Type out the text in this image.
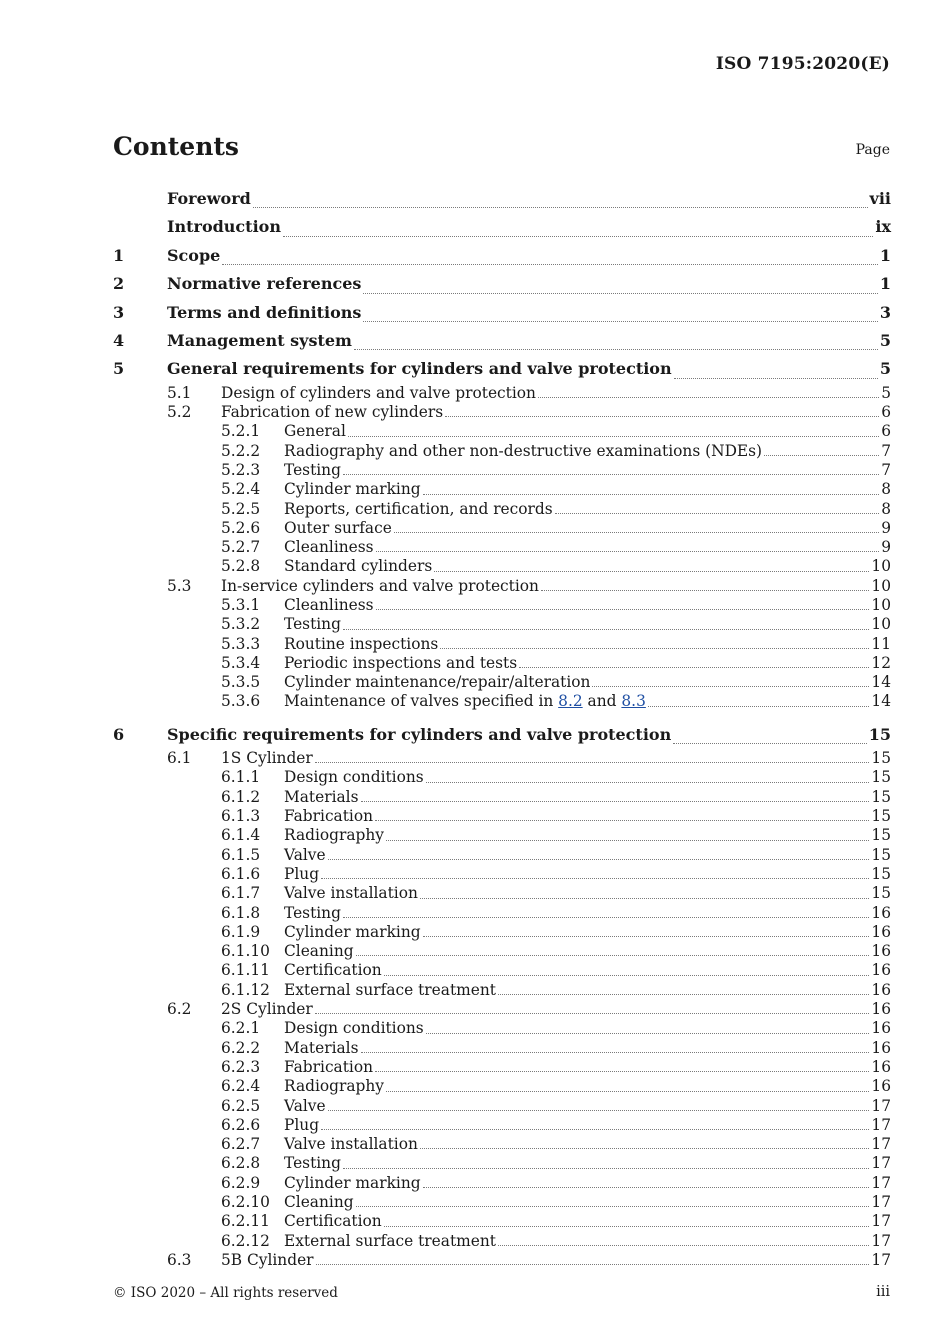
ISO 7195:2020(E)
Contents	Page
Foreword	vii
Introduction	ix
1	Scope	1
2	Normative references	1
3	Terms and definitions	3
4	Management system	5
5	General requirements for cylinders and valve protection	5
5.1	Design of cylinders and valve protection	5
5.2	Fabrication of new cylinders	6
5.2.1	General	6
5.2.2	Radiography and other non-destructive examinations (NDEs)	7
5.2.3	Testing	7
5.2.4	Cylinder marking	8
5.2.5	Reports, certification, and records	8
5.2.6	Outer surface	9
5.2.7	Cleanliness	9
5.2.8	Standard cylinders	10
5.3	In-service cylinders and valve protection	10
5.3.1	Cleanliness	10
5.3.2	Testing	10
5.3.3	Routine inspections	11
5.3.4	Periodic inspections and tests	12
5.3.5	Cylinder maintenance/repair/alteration	14
5.3.6	Maintenance of valves specified in 8.2 and 8.3	14
6	Specific requirements for cylinders and valve protection	15
6.1	1S Cylinder	15
6.1.1	Design conditions	15
6.1.2	Materials	15
6.1.3	Fabrication	15
6.1.4	Radiography	15
6.1.5	Valve	15
6.1.6	Plug	15
6.1.7	Valve installation	15
6.1.8	Testing	16
6.1.9	Cylinder marking	16
6.1.10 Cleaning	16
6.1.11 Certification	16
6.1.12 External surface treatment	16
6.2	2S Cylinder	16
6.2.1	Design conditions	16
6.2.2	Materials	16
6.2.3	Fabrication	16
6.2.4	Radiography	16
6.2.5	Valve	17
6.2.6	Plug	17
6.2.7	Valve installation	17
6.2.8	Testing	17
6.2.9	Cylinder marking	17
6.2.10 Cleaning	17
6.2.11 Certification	17
6.2.12 External surface treatment	17
6.3	5B Cylinder	17
© ISO 2020 – All rights reserved	iii
